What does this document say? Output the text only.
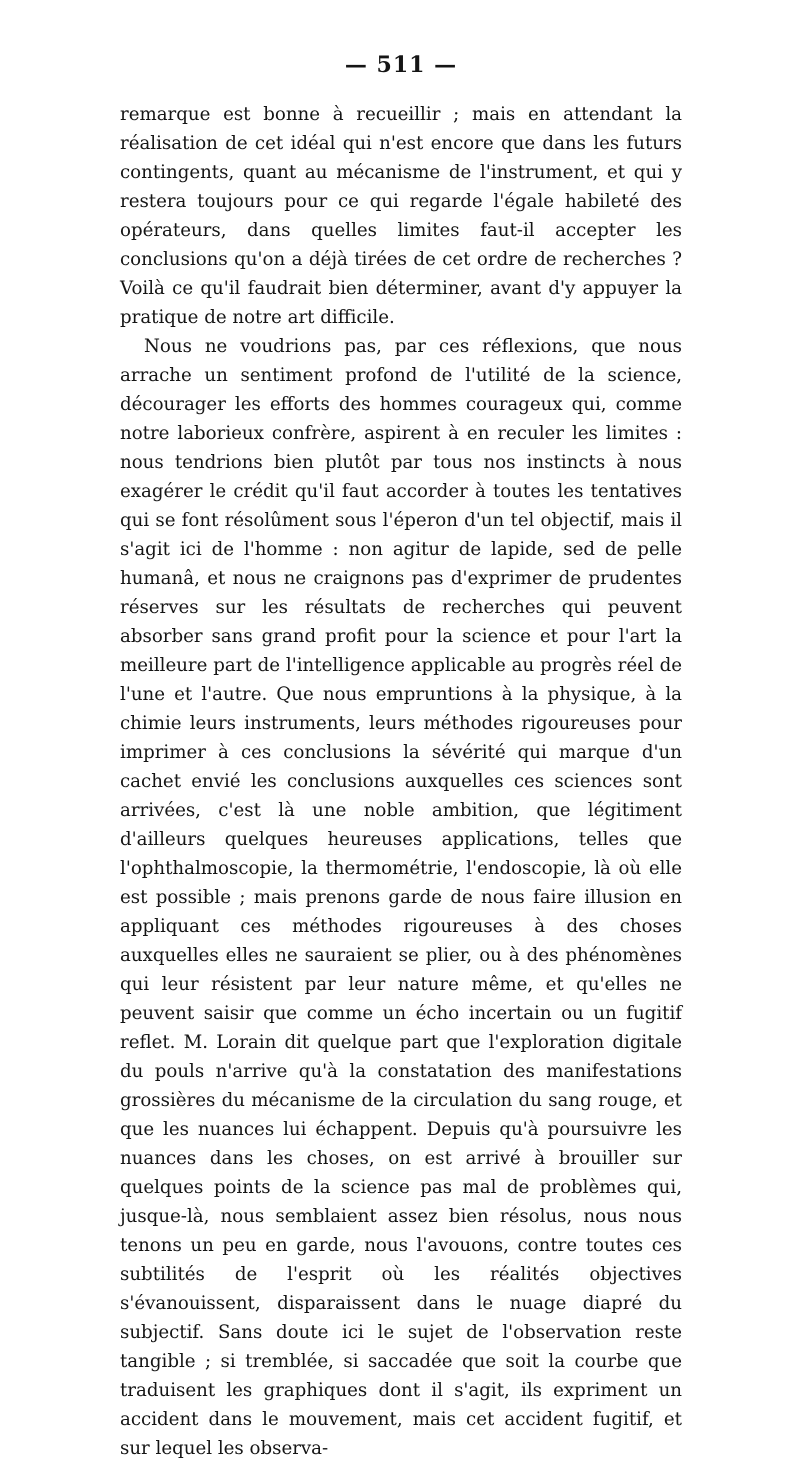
— 511 —

remarque est bonne à recueillir ; mais en attendant la réalisation de cet idéal qui n'est encore que dans les futurs contingents, quant au mécanisme de l'instrument, et qui y restera toujours pour ce qui regarde l'égale habileté des opérateurs, dans quelles limites faut-il accepter les conclusions qu'on a déjà tirées de cet ordre de recherches ? Voilà ce qu'il faudrait bien déterminer, avant d'y appuyer la pratique de notre art difficile.

Nous ne voudrions pas, par ces réflexions, que nous arrache un sentiment profond de l'utilité de la science, décourager les efforts des hommes courageux qui, comme notre laborieux confrère, aspirent à en reculer les limites : nous tendrions bien plutôt par tous nos instincts à nous exagérer le crédit qu'il faut accorder à toutes les tentatives qui se font résolûment sous l'éperon d'un tel objectif, mais il s'agit ici de l'homme : non agitur de lapide, sed de pelle humanâ, et nous ne craignons pas d'exprimer de prudentes réserves sur les résultats de recherches qui peuvent absorber sans grand profit pour la science et pour l'art la meilleure part de l'intelligence applicable au progrès réel de l'une et l'autre. Que nous empruntions à la physique, à la chimie leurs instruments, leurs méthodes rigoureuses pour imprimer à ces conclusions la sévérité qui marque d'un cachet envié les conclusions auxquelles ces sciences sont arrivées, c'est là une noble ambition, que légitiment d'ailleurs quelques heureuses applications, telles que l'ophthalmoscopie, la thermométrie, l'endoscopie, là où elle est possible ; mais prenons garde de nous faire illusion en appliquant ces méthodes rigoureuses à des choses auxquelles elles ne sauraient se plier, ou à des phénomènes qui leur résistent par leur nature même, et qu'elles ne peuvent saisir que comme un écho incertain ou un fugitif reflet. M. Lorain dit quelque part que l'exploration digitale du pouls n'arrive qu'à la constatation des manifestations grossières du mécanisme de la circulation du sang rouge, et que les nuances lui échappent. Depuis qu'à poursuivre les nuances dans les choses, on est arrivé à brouiller sur quelques points de la science pas mal de problèmes qui, jusque-là, nous semblaient assez bien résolus, nous nous tenons un peu en garde, nous l'avouons, contre toutes ces subtilités de l'esprit où les réalités objectives s'évanouissent, disparaissent dans le nuage diapré du subjectif. Sans doute ici le sujet de l'observation reste tangible ; si tremblée, si saccadée que soit la courbe que traduisent les graphiques dont il s'agit, ils expriment un accident dans le mouvement, mais cet accident fugitif, et sur lequel les observa-
